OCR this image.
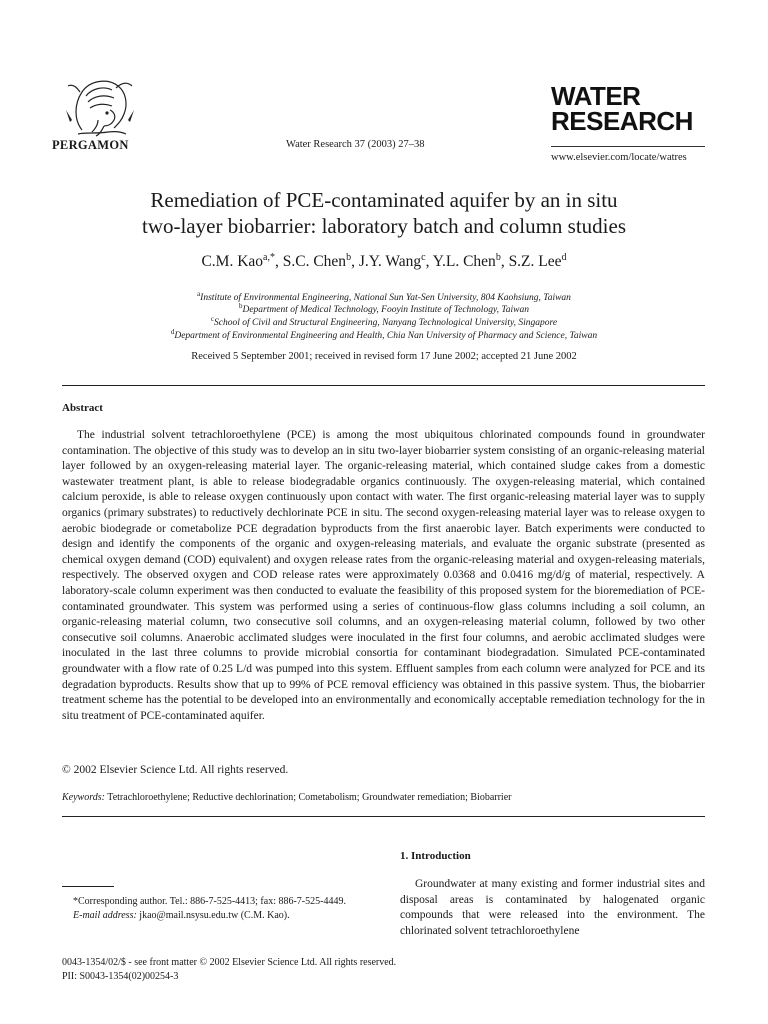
PERGAMON	Water Research 37 (2003) 27–38
WATER
RESEARCH
www.elsevier.com/locate/watres
Remediation of PCE-contaminated aquifer by an in situ
two-layer biobarrier: laboratory batch and column studies
C.M. Kao$^{a,*}$, S.C. Chen$^b$, J.Y. Wang$^c$, Y.L. Chen$^b$, S.Z. Lee$^d$
$^a$Institute of Environmental Engineering, National Sun Yat-Sen University, 804 Kaohsiung, Taiwan
$^b$Department of Medical Technology, Fooyin Institute of Technology, Taiwan
$^c$School of Civil and Structural Engineering, Nanyang Technological University, Singapore
$^d$Department of Environmental Engineering and Health, Chia Nan University of Pharmacy and Science, Taiwan
Received 5 September 2001; received in revised form 17 June 2002; accepted 21 June 2002
Abstract

The industrial solvent tetrachloroethylene (PCE) is among the most ubiquitous chlorinated compounds found in groundwater contamination. The objective of this study was to develop an in situ two-layer biobarrier system consisting of an organic-releasing material layer followed by an oxygen-releasing material layer. The organic-releasing material, which contained sludge cakes from a domestic wastewater treatment plant, is able to release biodegradable organics continuously. The oxygen-releasing material, which contained calcium peroxide, is able to release oxygen continuously upon contact with water. The first organic-releasing material layer was to supply organics (primary substrates) to reductively dechlorinate PCE in situ. The second oxygen-releasing material layer was to release oxygen to aerobic biodegrade or cometabolize PCE degradation byproducts from the first anaerobic layer. Batch experiments were conducted to design and identify the components of the organic and oxygen-releasing materials, and evaluate the organic substrate (presented as chemical oxygen demand (COD) equivalent) and oxygen release rates from the organic-releasing material and oxygen-releasing materials, respectively. The observed oxygen and COD release rates were approximately 0.0368 and 0.0416 mg/d/g of material, respectively. A laboratory-scale column experiment was then conducted to evaluate the feasibility of this proposed system for the bioremediation of PCE-contaminated groundwater. This system was performed using a series of continuous-flow glass columns including a soil column, an organic-releasing material column, two consecutive soil columns, and an oxygen-releasing material column, followed by two other consecutive soil columns. Anaerobic acclimated sludges were inoculated in the first four columns, and aerobic acclimated sludges were inoculated in the last three columns to provide microbial consortia for contaminant biodegradation. Simulated PCE-contaminated groundwater with a flow rate of 0.25 L/d was pumped into this system. Effluent samples from each column were analyzed for PCE and its degradation byproducts. Results show that up to 99% of PCE removal efficiency was obtained in this passive system. Thus, the biobarrier treatment scheme has the potential to be developed into an environmentally and economically acceptable remediation technology for the in situ treatment of PCE-contaminated aquifer.

© 2002 Elsevier Science Ltd. All rights reserved.
Keywords: Tetrachloroethylene; Reductive dechlorination; Cometabolism; Groundwater remediation; Biobarrier
1. Introduction

Groundwater at many existing and former industrial sites and disposal areas is contaminated by halogenated organic compounds that were released into the environment. The chlorinated solvent tetrachloroethylene

*Corresponding author. Tel.: 886-7-525-4413; fax: 886-7-525-4449.
E-mail address: jkao@mail.nsysu.edu.tw (C.M. Kao).
0043-1354/02/$ - see front matter © 2002 Elsevier Science Ltd. All rights reserved.
PII: S0043-1354(02)00254-3
